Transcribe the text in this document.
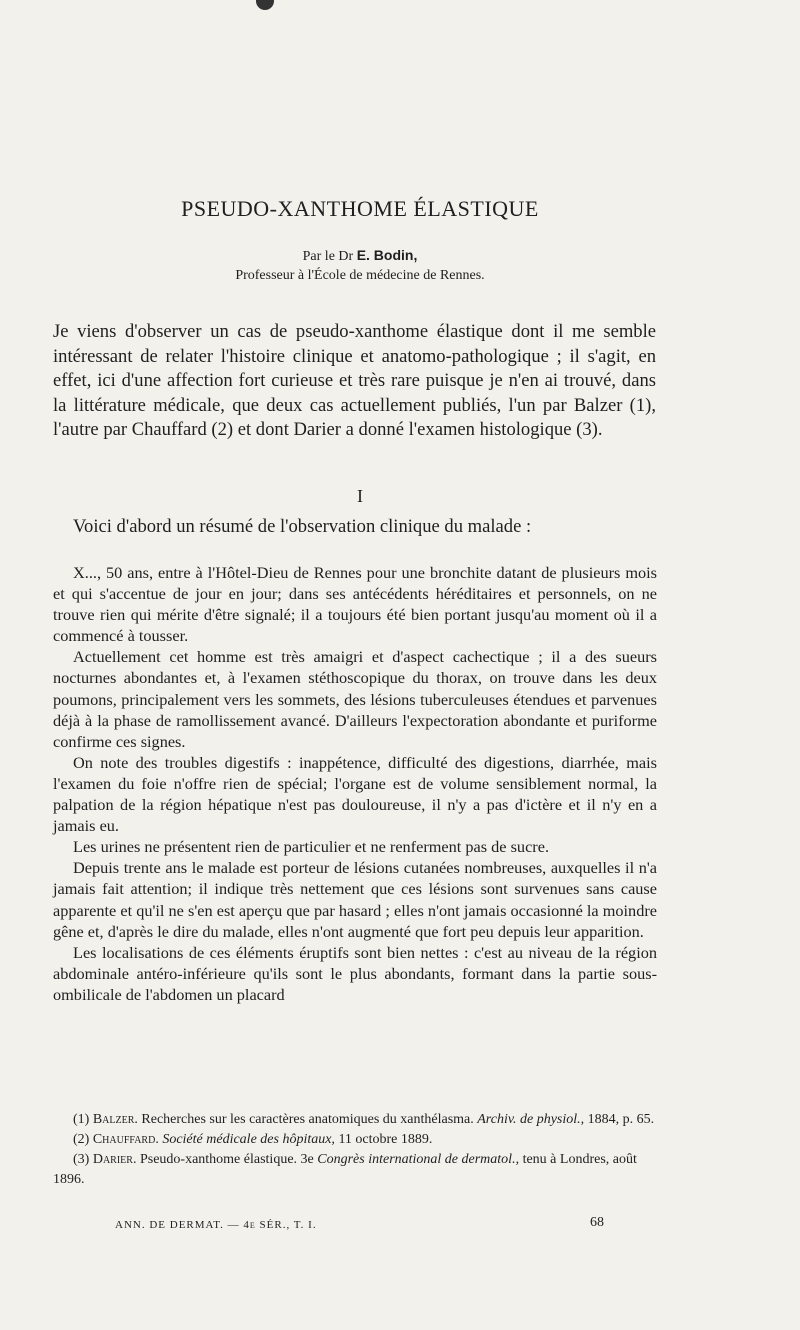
PSEUDO-XANTHOME ÉLASTIQUE
Par le Dr E. Bodin,
Professeur à l'École de médecine de Rennes.
Je viens d'observer un cas de pseudo-xanthome élastique dont il me semble intéressant de relater l'histoire clinique et anatomo-pathologique ; il s'agit, en effet, ici d'une affection fort curieuse et très rare puisque je n'en ai trouvé, dans la littérature médicale, que deux cas actuellement publiés, l'un par Balzer (1), l'autre par Chauffard (2) et dont Darier a donné l'examen histologique (3).
I
Voici d'abord un résumé de l'observation clinique du malade :

X..., 50 ans, entre à l'Hôtel-Dieu de Rennes pour une bronchite datant de plusieurs mois et qui s'accentue de jour en jour; dans ses antécédents héréditaires et personnels, on ne trouve rien qui mérite d'être signalé; il a toujours été bien portant jusqu'au moment où il a commencé à tousser.

Actuellement cet homme est très amaigri et d'aspect cachectique ; il a des sueurs nocturnes abondantes et, à l'examen stéthoscopique du thorax, on trouve dans les deux poumons, principalement vers les sommets, des lésions tuberculeuses étendues et parvenues déjà à la phase de ramollissement avancé. D'ailleurs l'expectoration abondante et puriforme confirme ces signes.

On note des troubles digestifs : inappétence, difficulté des digestions, diarrhée, mais l'examen du foie n'offre rien de spécial; l'organe est de volume sensiblement normal, la palpation de la région hépatique n'est pas douloureuse, il n'y a pas d'ictère et il n'y en a jamais eu.

Les urines ne présentent rien de particulier et ne renferment pas de sucre.

Depuis trente ans le malade est porteur de lésions cutanées nombreuses, auxquelles il n'a jamais fait attention; il indique très nettement que ces lésions sont survenues sans cause apparente et qu'il ne s'en est aperçu que par hasard ; elles n'ont jamais occasionné la moindre gêne et, d'après le dire du malade, elles n'ont augmenté que fort peu depuis leur apparition.

Les localisations de ces éléments éruptifs sont bien nettes : c'est au niveau de la région abdominale antéro-inférieure qu'ils sont le plus abondants, formant dans la partie sous-ombilicale de l'abdomen un placard

(1) Balzer. Recherches sur les caractères anatomiques du xanthélasma. Archiv. de physiol., 1884, p. 65.

(2) Chauffard. Société médicale des hôpitaux, 11 octobre 1889.

(3) Darier. Pseudo-xanthome élastique. 3e Congrès international de dermatol., tenu à Londres, août 1896.

ANN. DE DERMAT. — 4e SÉR., T. I.	68
